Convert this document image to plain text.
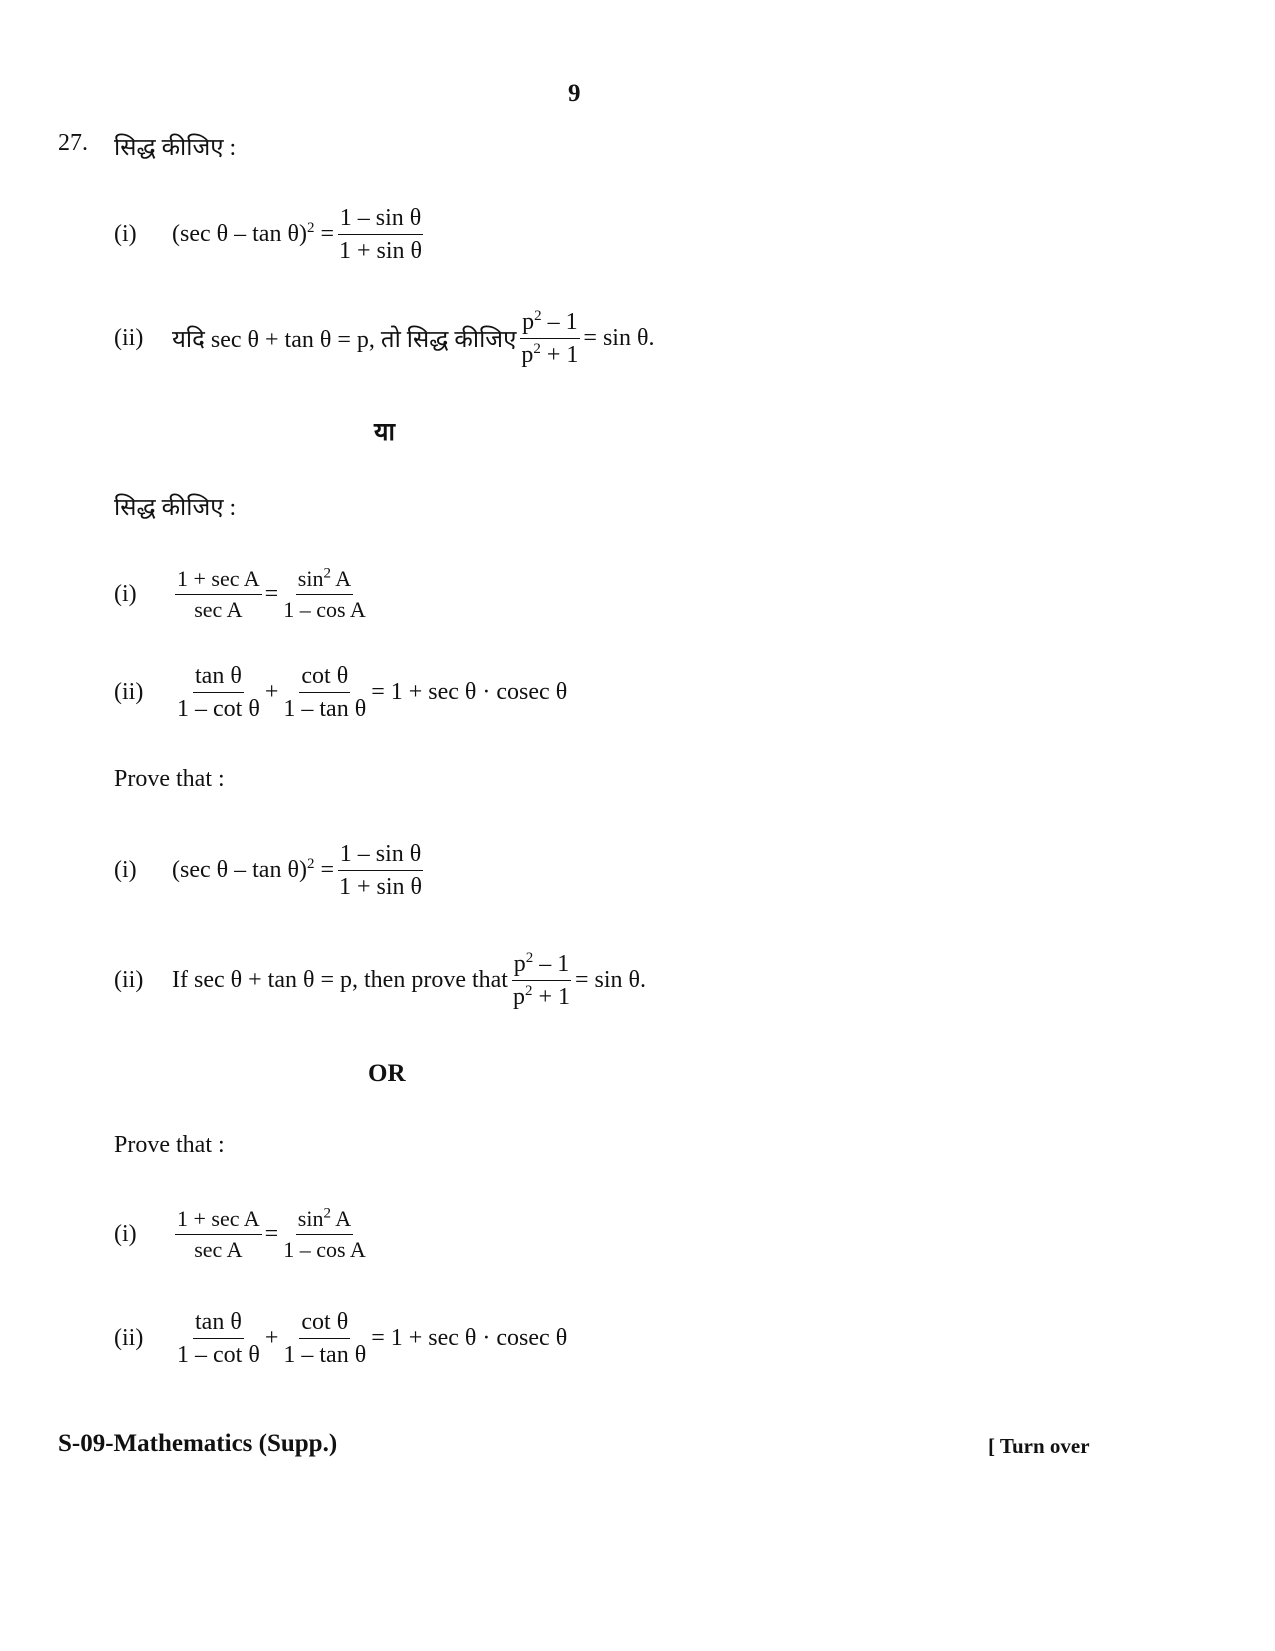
9
27. सिद्ध कीजिए :
(i)	(sec $\theta - \tan \theta)^2 = \frac{\text{1 – sin θ}}{\text{1 + sin θ}}$
(ii)	यदि sec θ + tan θ = p, तो सिद्ध कीजिए $\frac{p^2 - 1}{p^2 + 1} = \sin \theta$.
या
सिद्ध कीजिए :
(i)	$\frac{\text{1 + sec A}}{\text{sec A}} = \frac{\sin^2 A}{\text{1 – cos A}}$
(ii)	$\frac{\text{tan θ}}{\text{1 – cot θ}} + \frac{\text{cot θ}}{\text{1 – tan θ}} = 1 + \sec \theta \cdot cosec$ θ
Prove that :
(i)	(sec $\theta - \tan \theta)^2 = \frac{\text{1 – sin θ}}{\text{1 + sin θ}}$
(ii)	If sec θ + tan θ = p, then prove that $\frac{p^2 - 1}{p^2 + 1} = \sin \theta$.
OR
Prove that :
(i)	$\frac{\text{1 + sec A}}{\text{sec A}} = \frac{\sin^2 A}{\text{1 – cos A}}$
(ii)	$\frac{\text{tan θ}}{\text{1 – cot θ}} + \frac{\text{cot θ}}{\text{1 – tan θ}} = 1 + \sec \theta \cdot cosec$ θ
S-09-Mathematics (Supp.)	[ Turn over
